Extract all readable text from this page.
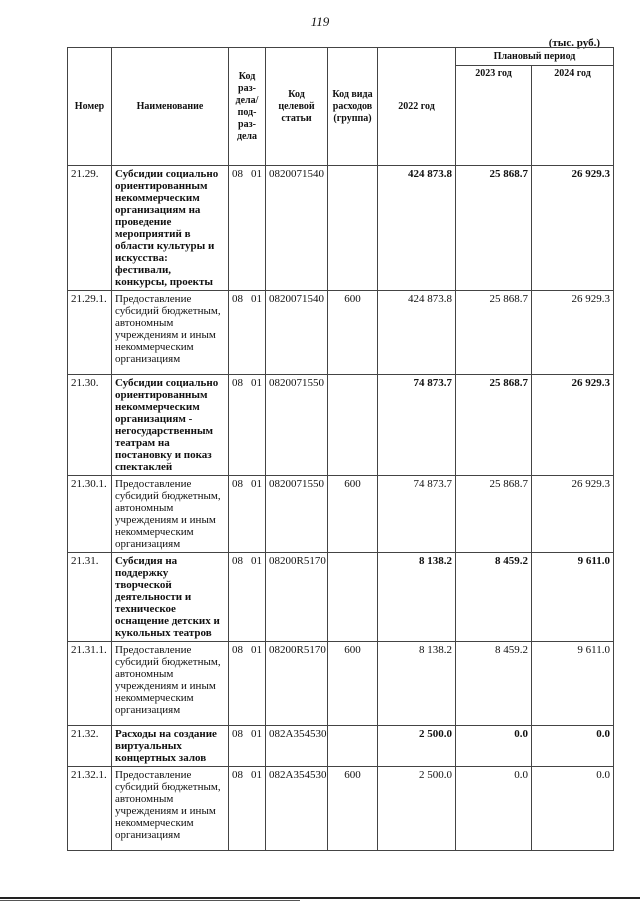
119
(тыс. руб.)
Номер	Наименование	Код раз-дела/ под-раз-дела	Код целевой статьи	Код вида расходов (группа)	2022 год	Плановый период	
						2023 год	2024 год
21.29.	Субсидии социально ориентированным некоммерческим организациям на проведение мероприятий в области культуры и искусства: фестивали, конкурсы, проекты	08 01	0820071540		424 873.8	25 868.7	26 929.3
21.29.1.	Предоставление субсидий бюджетным, автономным учреждениям и иным некоммерческим организациям	08 01	0820071540	600	424 873.8	25 868.7	26 929.3
21.30.	Субсидии социально ориентированным некоммерческим организациям - негосударственным театрам на постановку и показ спектаклей	08 01	0820071550		74 873.7	25 868.7	26 929.3
21.30.1.	Предоставление субсидий бюджетным, автономным учреждениям и иным некоммерческим организациям	08 01	0820071550	600	74 873.7	25 868.7	26 929.3
21.31.	Субсидия на поддержку творческой деятельности и техническое оснащение детских и кукольных театров	08 01	08200R5170		8 138.2	8 459.2	9 611.0
21.31.1.	Предоставление субсидий бюджетным, автономным учреждениям и иным некоммерческим организациям	08 01	08200R5170	600	8 138.2	8 459.2	9 611.0
21.32.	Расходы на создание виртуальных концертных залов	08 01	082A354530		2 500.0	0.0	0.0
21.32.1.	Предоставление субсидий бюджетным, автономным учреждениям и иным некоммерческим организациям	08 01	082A354530	600	2 500.0	0.0	0.0
